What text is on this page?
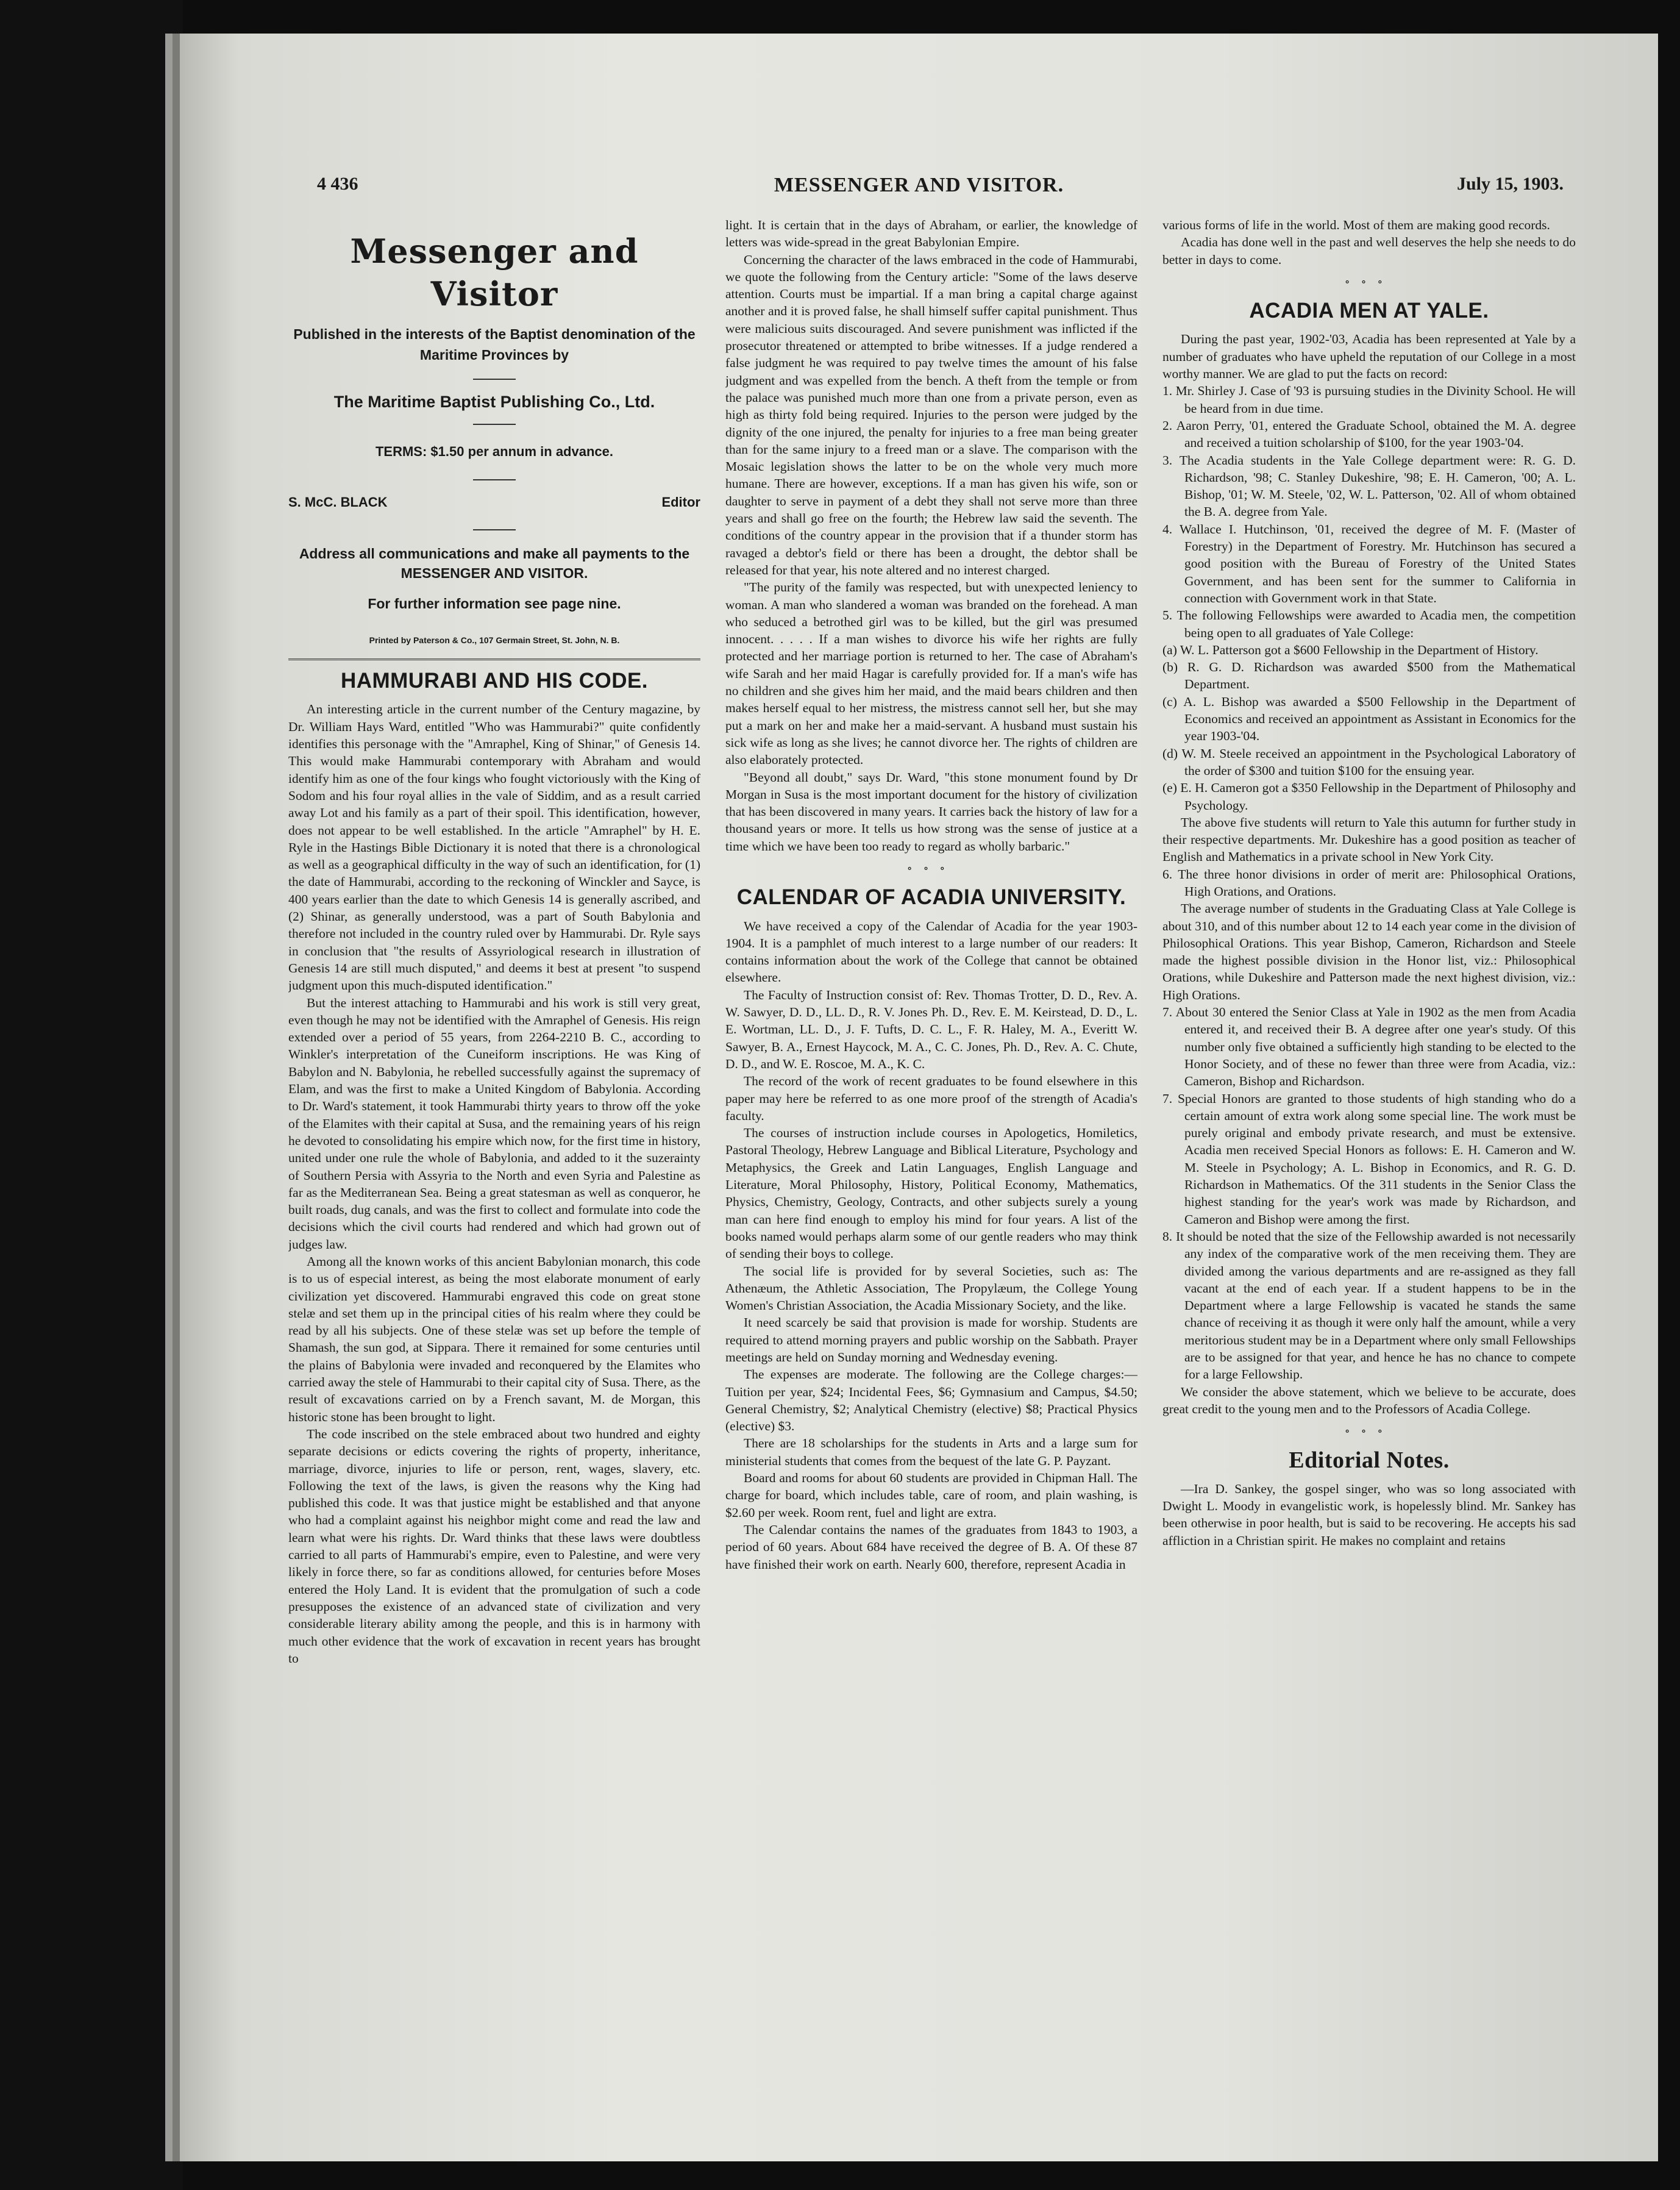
4 436	MESSENGER AND VISITOR.	July 15, 1903.
Messenger and Visitor

Published in the interests of the Baptist denomination of the Maritime Provinces by

The Maritime Baptist Publishing Co., Ltd.

TERMS: $1.50 per annum in advance.

S. McC. BLACK	Editor

Address all communications and make all payments to the MESSENGER AND VISITOR.

For further information see page nine.

Printed by Paterson & Co., 107 Germain Street, St. John, N. B.

HAMMURABI AND HIS CODE.

An interesting article in the current number of the Century magazine, by Dr. William Hays Ward, entitled "Who was Hammurabi?" quite confidently identifies this personage with the "Amraphel, King of Shinar," of Genesis 14. This would make Hammurabi contemporary with Abraham and would identify him as one of the four kings who fought victoriously with the King of Sodom and his four royal allies in the vale of Siddim, and as a result carried away Lot and his family as a part of their spoil. This identification, however, does not appear to be well established. In the article "Amraphel" by H. E. Ryle in the Hastings Bible Dictionary it is noted that there is a chronological as well as a geographical difficulty in the way of such an identification, for (1) the date of Hammurabi, according to the reckoning of Winckler and Sayce, is 400 years earlier than the date to which Genesis 14 is generally ascribed, and (2) Shinar, as generally understood, was a part of South Babylonia and therefore not included in the country ruled over by Hammurabi. Dr. Ryle says in conclusion that "the results of Assyriological research in illustration of Genesis 14 are still much disputed," and deems it best at present "to suspend judgment upon this much-disputed identification."

But the interest attaching to Hammurabi and his work is still very great, even though he may not be identified with the Amraphel of Genesis. His reign extended over a period of 55 years, from 2264-2210 B. C., according to Winkler's interpretation of the Cuneiform inscriptions. He was King of Babylon and N. Babylonia, he rebelled successfully against the supremacy of Elam, and was the first to make a United Kingdom of Babylonia. According to Dr. Ward's statement, it took Hammurabi thirty years to throw off the yoke of the Elamites with their capital at Susa, and the remaining years of his reign he devoted to consolidating his empire which now, for the first time in history, united under one rule the whole of Babylonia, and added to it the suzerainty of Southern Persia with Assyria to the North and even Syria and Palestine as far as the Mediterranean Sea. Being a great statesman as well as conqueror, he built roads, dug canals, and was the first to collect and formulate into code the decisions which the civil courts had rendered and which had grown out of judges law.

Among all the known works of this ancient Babylonian monarch, this code is to us of especial interest, as being the most elaborate monument of early civilization yet discovered. Hammurabi engraved this code on great stone stelæ and set them up in the principal cities of his realm where they could be read by all his subjects. One of these stelæ was set up before the temple of Shamash, the sun god, at Sippara. There it remained for some centuries until the plains of Babylonia were invaded and reconquered by the Elamites who carried away the stele of Hammurabi to their capital city of Susa. There, as the result of excavations carried on by a French savant, M. de Morgan, this historic stone has been brought to light.

The code inscribed on the stele embraced about two hundred and eighty separate decisions or edicts covering the rights of property, inheritance, marriage, divorce, injuries to life or person, rent, wages, slavery, etc. Following the text of the laws, is given the reasons why the King had published this code. It was that justice might be established and that anyone who had a complaint against his neighbor might come and read the law and learn what were his rights. Dr. Ward thinks that these laws were doubtless carried to all parts of Hammurabi's empire, even to Palestine, and were very likely in force there, so far as conditions allowed, for centuries before Moses entered the Holy Land. It is evident that the promulgation of such a code presupposes the existence of an advanced state of civilization and very considerable literary ability among the people, and this is in harmony with much other evidence that the work of excavation in recent years has brought to

light. It is certain that in the days of Abraham, or earlier, the knowledge of letters was wide-spread in the great Babylonian Empire.

Concerning the character of the laws embraced in the code of Hammurabi, we quote the following from the Century article: "Some of the laws deserve attention. Courts must be impartial. If a man bring a capital charge against another and it is proved false, he shall himself suffer capital punishment. Thus were malicious suits discouraged. And severe punishment was inflicted if the prosecutor threatened or attempted to bribe witnesses. If a judge rendered a false judgment he was required to pay twelve times the amount of his false judgment and was expelled from the bench. A theft from the temple or from the palace was punished much more than one from a private person, even as high as thirty fold being required. Injuries to the person were judged by the dignity of the one injured, the penalty for injuries to a free man being greater than for the same injury to a freed man or a slave. The comparison with the Mosaic legislation shows the latter to be on the whole very much more humane. There are however, exceptions. If a man has given his wife, son or daughter to serve in payment of a debt they shall not serve more than three years and shall go free on the fourth; the Hebrew law said the seventh. The conditions of the country appear in the provision that if a thunder storm has ravaged a debtor's field or there has been a drought, the debtor shall be released for that year, his note altered and no interest charged.

"The purity of the family was respected, but with unexpected leniency to woman. A man who slandered a woman was branded on the forehead. A man who seduced a betrothed girl was to be killed, but the girl was presumed innocent. . . . . If a man wishes to divorce his wife her rights are fully protected and her marriage portion is returned to her. The case of Abraham's wife Sarah and her maid Hagar is carefully provided for. If a man's wife has no children and she gives him her maid, and the maid bears children and then makes herself equal to her mistress, the mistress cannot sell her, but she may put a mark on her and make her a maid-servant. A husband must sustain his sick wife as long as she lives; he cannot divorce her. The rights of children are also elaborately protected.

"Beyond all doubt," says Dr. Ward, "this stone monument found by Dr Morgan in Susa is the most important document for the history of civilization that has been discovered in many years. It carries back the history of law for a thousand years or more. It tells us how strong was the sense of justice at a time which we have been too ready to regard as wholly barbaric."

∘∘∘
CALENDAR OF ACADIA UNIVERSITY.

We have received a copy of the Calendar of Acadia for the year 1903-1904. It is a pamphlet of much interest to a large number of our readers: It contains information about the work of the College that cannot be obtained elsewhere.

The Faculty of Instruction consist of: Rev. Thomas Trotter, D. D., Rev. A. W. Sawyer, D. D., LL. D., R. V. Jones Ph. D., Rev. E. M. Keirstead, D. D., L. E. Wortman, LL. D., J. F. Tufts, D. C. L., F. R. Haley, M. A., Everitt W. Sawyer, B. A., Ernest Haycock, M. A., C. C. Jones, Ph. D., Rev. A. C. Chute, D. D., and W. E. Roscoe, M. A., K. C.

The record of the work of recent graduates to be found elsewhere in this paper may here be referred to as one more proof of the strength of Acadia's faculty.

The courses of instruction include courses in Apologetics, Homiletics, Pastoral Theology, Hebrew Language and Biblical Literature, Psychology and Metaphysics, the Greek and Latin Languages, English Language and Literature, Moral Philosophy, History, Political Economy, Mathematics, Physics, Chemistry, Geology, Contracts, and other subjects surely a young man can here find enough to employ his mind for four years. A list of the books named would perhaps alarm some of our gentle readers who may think of sending their boys to college.

The social life is provided for by several Societies, such as: The Athenæum, the Athletic Association, The Propylæum, the College Young Women's Christian Association, the Acadia Missionary Society, and the like.

It need scarcely be said that provision is made for worship. Students are required to attend morning prayers and public worship on the Sabbath. Prayer meetings are held on Sunday morning and Wednesday evening.

The expenses are moderate. The following are the College charges:—Tuition per year, $24; Incidental Fees, $6; Gymnasium and Campus, $4.50; General Chemistry, $2; Analytical Chemistry (elective) $8; Practical Physics (elective) $3.

There are 18 scholarships for the students in Arts and a large sum for ministerial students that comes from the bequest of the late G. P. Payzant.

Board and rooms for about 60 students are provided in Chipman Hall. The charge for board, which includes table, care of room, and plain washing, is $2.60 per week. Room rent, fuel and light are extra.

The Calendar contains the names of the graduates from 1843 to 1903, a period of 60 years. About 684 have received the degree of B. A. Of these 87 have finished their work on earth. Nearly 600, therefore, represent Acadia in

various forms of life in the world. Most of them are making good records.

Acadia has done well in the past and well deserves the help she needs to do better in days to come.

∘∘∘
ACADIA MEN AT YALE.

During the past year, 1902-'03, Acadia has been represented at Yale by a number of graduates who have upheld the reputation of our College in a most worthy manner. We are glad to put the facts on record:

1. Mr. Shirley J. Case of '93 is pursuing studies in the Divinity School. He will be heard from in due time.

2. Aaron Perry, '01, entered the Graduate School, obtained the M. A. degree and received a tuition scholarship of $100, for the year 1903-'04.

3. The Acadia students in the Yale College department were: R. G. D. Richardson, '98; C. Stanley Dukeshire, '98; E. H. Cameron, '00; A. L. Bishop, '01; W. M. Steele, '02, W. L. Patterson, '02. All of whom obtained the B. A. degree from Yale.

4. Wallace I. Hutchinson, '01, received the degree of M. F. (Master of Forestry) in the Department of Forestry. Mr. Hutchinson has secured a good position with the Bureau of Forestry of the United States Government, and has been sent for the summer to California in connection with Government work in that State.

5. The following Fellowships were awarded to Acadia men, the competition being open to all graduates of Yale College:

(a) W. L. Patterson got a $600 Fellowship in the Department of History.

(b) R. G. D. Richardson was awarded $500 from the Mathematical Department.

(c) A. L. Bishop was awarded a $500 Fellowship in the Department of Economics and received an appointment as Assistant in Economics for the year 1903-'04.

(d) W. M. Steele received an appointment in the Psychological Laboratory of the order of $300 and tuition $100 for the ensuing year.

(e) E. H. Cameron got a $350 Fellowship in the Department of Philosophy and Psychology.

The above five students will return to Yale this autumn for further study in their respective departments. Mr. Dukeshire has a good position as teacher of English and Mathematics in a private school in New York City.

6. The three honor divisions in order of merit are: Philosophical Orations, High Orations, and Orations.

The average number of students in the Graduating Class at Yale College is about 310, and of this number about 12 to 14 each year come in the division of Philosophical Orations. This year Bishop, Cameron, Richardson and Steele made the highest possible division in the Honor list, viz.: Philosophical Orations, while Dukeshire and Patterson made the next highest division, viz.: High Orations.

7. About 30 entered the Senior Class at Yale in 1902 as the men from Acadia entered it, and received their B. A degree after one year's study. Of this number only five obtained a sufficiently high standing to be elected to the Honor Society, and of these no fewer than three were from Acadia, viz.: Cameron, Bishop and Richardson.

7. Special Honors are granted to those students of high standing who do a certain amount of extra work along some special line. The work must be purely original and embody private research, and must be extensive. Acadia men received Special Honors as follows: E. H. Cameron and W. M. Steele in Psychology; A. L. Bishop in Economics, and R. G. D. Richardson in Mathematics. Of the 311 students in the Senior Class the highest standing for the year's work was made by Richardson, and Cameron and Bishop were among the first.

8. It should be noted that the size of the Fellowship awarded is not necessarily any index of the comparative work of the men receiving them. They are divided among the various departments and are re-assigned as they fall vacant at the end of each year. If a student happens to be in the Department where a large Fellowship is vacated he stands the same chance of receiving it as though it were only half the amount, while a very meritorious student may be in a Department where only small Fellowships are to be assigned for that year, and hence he has no chance to compete for a large Fellowship.

We consider the above statement, which we believe to be accurate, does great credit to the young men and to the Professors of Acadia College.

∘∘∘
Editorial Notes.

—Ira D. Sankey, the gospel singer, who was so long associated with Dwight L. Moody in evangelistic work, is hopelessly blind. Mr. Sankey has been otherwise in poor health, but is said to be recovering. He accepts his sad affliction in a Christian spirit. He makes no complaint and retains
